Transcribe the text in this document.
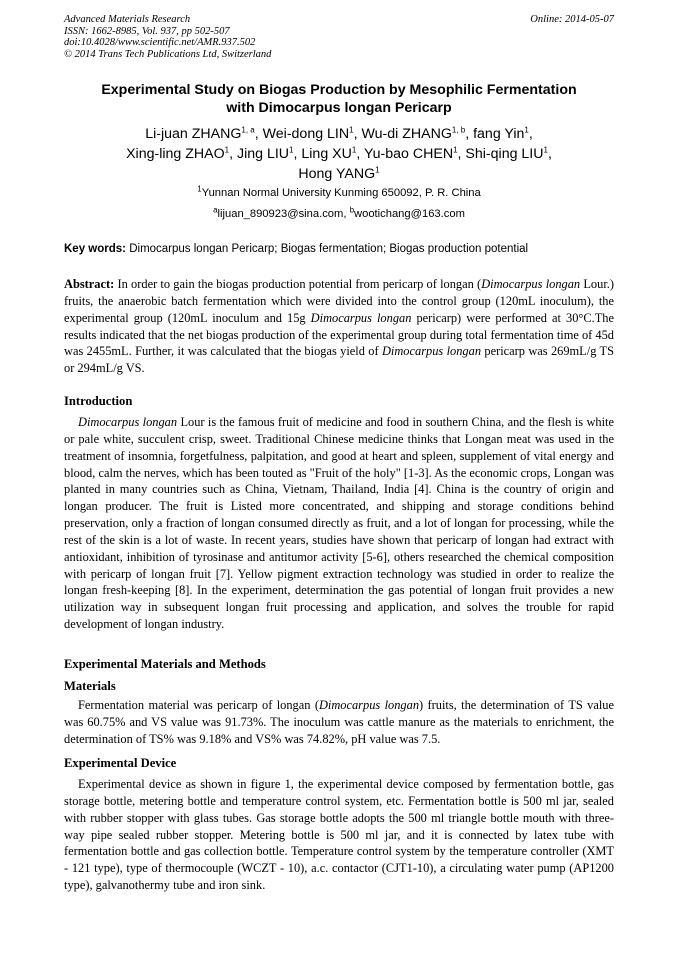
Advanced Materials Research
ISSN: 1662-8985, Vol. 937, pp 502-507
doi:10.4028/www.scientific.net/AMR.937.502
© 2014 Trans Tech Publications Ltd, Switzerland
Online: 2014-05-07
Experimental Study on Biogas Production by Mesophilic Fermentation
with Dimocarpus longan Pericarp
Li-juan ZHANG$^{1, a}$, Wei-dong LIN$^1$, Wu-di ZHANG$^{1, b}$, fang Yin$^1$,
Xing-ling ZHAO$^1$, Jing LIU$^1$, Ling $XU^1$, Yu-bao CHEN$^1$, Shi-qing LIU$^1$,
Hong YANG$^1$
$^1$Yunnan Normal University Kunming 650092, P. R. China
$^a$lijuan_890923@sina.com, $^b$wootichang@163.com
Key words: Dimocarpus longan Pericarp; Biogas fermentation; Biogas production potential

Abstract: In order to gain the biogas production potential from pericarp of longan (Dimocarpus longan Lour.) fruits, the anaerobic batch fermentation which were divided into the control group (120mL inoculum), the experimental group (120mL inoculum and 15g Dimocarpus longan pericarp) were performed at 30°C.The results indicated that the net biogas production of the experimental group during total fermentation time of 45d was 2455mL. Further, it was calculated that the biogas yield of Dimocarpus longan pericarp was 269mL/g TS or 294mL/g VS.

Introduction

Dimocarpus longan Lour is the famous fruit of medicine and food in southern China, and the flesh is white or pale white, succulent crisp, sweet. Traditional Chinese medicine thinks that Longan meat was used in the treatment of insomnia, forgetfulness, palpitation, and good at heart and spleen, supplement of vital energy and blood, calm the nerves, which has been touted as "Fruit of the holy" [1-3]. As the economic crops, Longan was planted in many countries such as China, Vietnam, Thailand, India [4]. China is the country of origin and longan producer. The fruit is Listed more concentrated, and shipping and storage conditions behind preservation, only a fraction of longan consumed directly as fruit, and a lot of longan for processing, while the rest of the skin is a lot of waste. In recent years, studies have shown that pericarp of longan had extract with antioxidant, inhibition of tyrosinase and antitumor activity [5-6], others researched the chemical composition with pericarp of longan fruit [7]. Yellow pigment extraction technology was studied in order to realize the longan fresh-keeping [8]. In the experiment, determination the gas potential of longan fruit provides a new utilization way in subsequent longan fruit processing and application, and solves the trouble for rapid development of longan industry.

Experimental Materials and Methods
Materials

Fermentation material was pericarp of longan (Dimocarpus longan) fruits, the determination of TS value was 60.75% and VS value was 91.73%. The inoculum was cattle manure as the materials to enrichment, the determination of TS% was 9.18% and VS% was 74.82%, pH value was 7.5.

Experimental Device

Experimental device as shown in figure 1, the experimental device composed by fermentation bottle, gas storage bottle, metering bottle and temperature control system, etc. Fermentation bottle is 500 ml jar, sealed with rubber stopper with glass tubes. Gas storage bottle adopts the 500 ml triangle bottle mouth with three-way pipe sealed rubber stopper. Metering bottle is 500 ml jar, and it is connected by latex tube with fermentation bottle and gas collection bottle. Temperature control system by the temperature controller (XMT - 121 type), type of thermocouple (WCZT - 10), a.c. contactor (CJT1-10), a circulating water pump (AP1200 type), galvanothermy tube and iron sink.
